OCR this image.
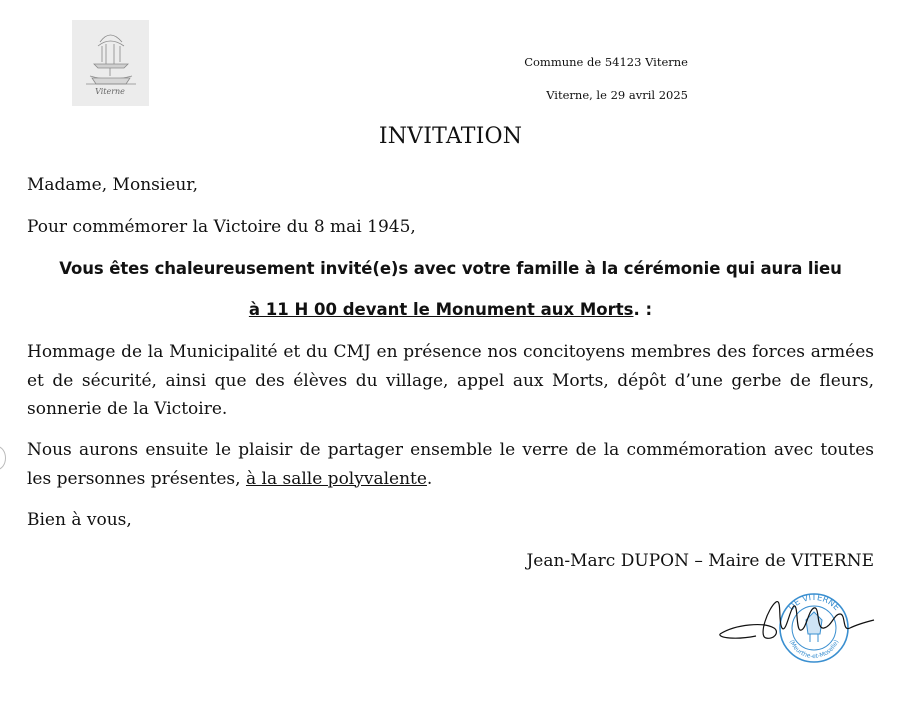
Viterne
Commune de 54123 Viterne
Viterne, le 29 avril 2025
INVITATION
Madame, Monsieur,
Pour commémorer la Victoire du 8 mai 1945,
Vous êtes chaleureusement invité(e)s avec votre famille à la cérémonie qui aura lieu
à 11 H 00 devant le Monument aux Morts. :
Hommage de la Municipalité et du CMJ en présence nos concitoyens membres des forces armées et de sécurité, ainsi que des élèves du village, appel aux Morts, dépôt d’une gerbe de fleurs, sonnerie de la Victoire.
Nous aurons ensuite le plaisir de partager ensemble le verre de la commémoration avec toutes les personnes présentes, à la salle polyvalente.
Bien à vous,
Jean-Marc DUPON – Maire de VITERNE
DE VITERNE
(Meurthe-et-Moselle)
